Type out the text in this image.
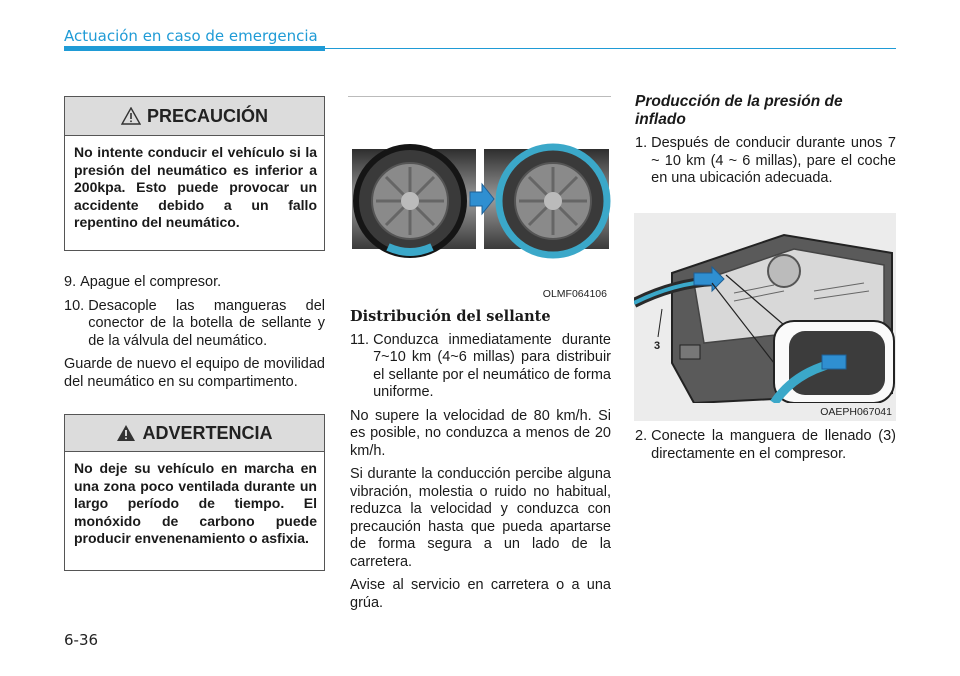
Actuación en caso de emergencia
PRECAUCIÓN
No intente conducir el vehículo si la presión del neumático es inferior a 200kpa. Esto puede provocar un accidente debido a un fallo repentino del neumático.
9. Apague el compresor.
10. Desacople las mangueras del conector de la botella de sellante y de la válvula del neumático.

Guarde de nuevo el equipo de movilidad del neumático en su compartimento.

ADVERTENCIA
No deje su vehículo en marcha en una zona poco ventilada durante un largo período de tiempo. El monóxido de carbono puede producir envenenamiento o asfixia.
OLMF064106
Distribución del sellante
11. Conduzca inmediatamente durante 7~10 km (4~6 millas) para distribuir el sellante por el neumático de forma uniforme.

No supere la velocidad de 80 km/h. Si es posible, no conduzca a menos de 20 km/h.

Si durante la conducción percibe alguna vibración, molestia o ruido no habitual, reduzca la velocidad y conduzca con precaución hasta que pueda apartarse de forma segura a un lado de la carretera.

Avise al servicio en carretera o a una grúa.

Producción de la presión de inflado
1. Después de conducir durante unos 7 ~ 10 km (4 ~ 6 millas), pare el coche en una ubicación adecuada.
3
OAEPH067041
2. Conecte la manguera de llenado (3) directamente en el compresor.
6-36
